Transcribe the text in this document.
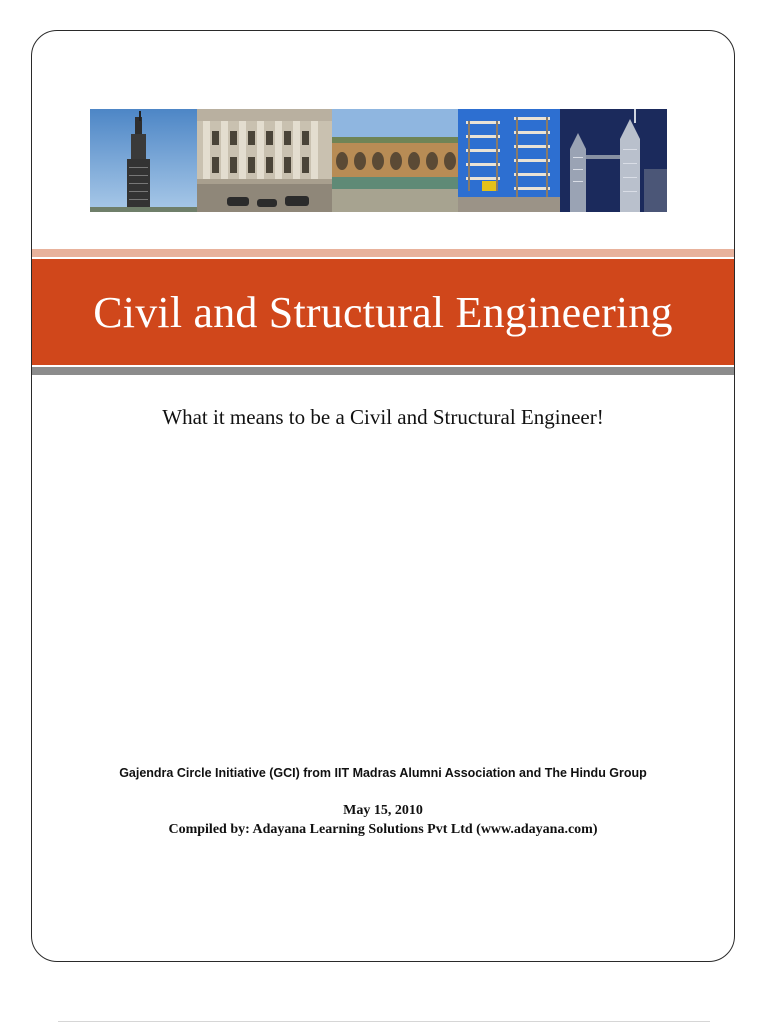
Civil and Structural Engineering
What it means to be a Civil and Structural Engineer!
Gajendra Circle Initiative (GCI) from IIT Madras Alumni Association and The Hindu Group
May 15, 2010
Compiled by: Adayana Learning Solutions Pvt Ltd (www.adayana.com)
